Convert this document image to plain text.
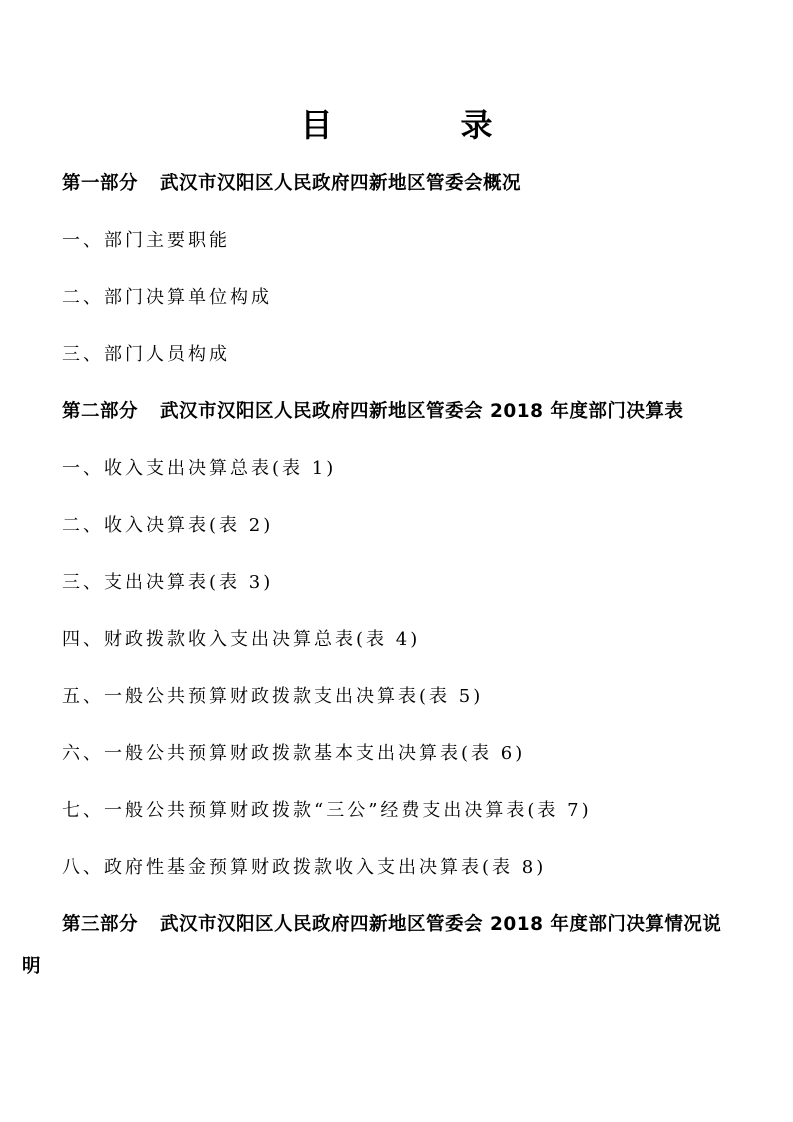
目　录
第一部分 武汉市汉阳区人民政府四新地区管委会概况
一、部门主要职能
二、部门决算单位构成
三、部门人员构成
第二部分 武汉市汉阳区人民政府四新地区管委会 2018 年度部门决算表
一、收入支出决算总表(表 1)
二、收入决算表(表 2)
三、支出决算表(表 3)
四、财政拨款收入支出决算总表(表 4)
五、一般公共预算财政拨款支出决算表(表 5)
六、一般公共预算财政拨款基本支出决算表(表 6)
七、一般公共预算财政拨款“三公”经费支出决算表(表 7)
八、政府性基金预算财政拨款收入支出决算表(表 8)
第三部分 武汉市汉阳区人民政府四新地区管委会 2018 年度部门决算情况说
明
